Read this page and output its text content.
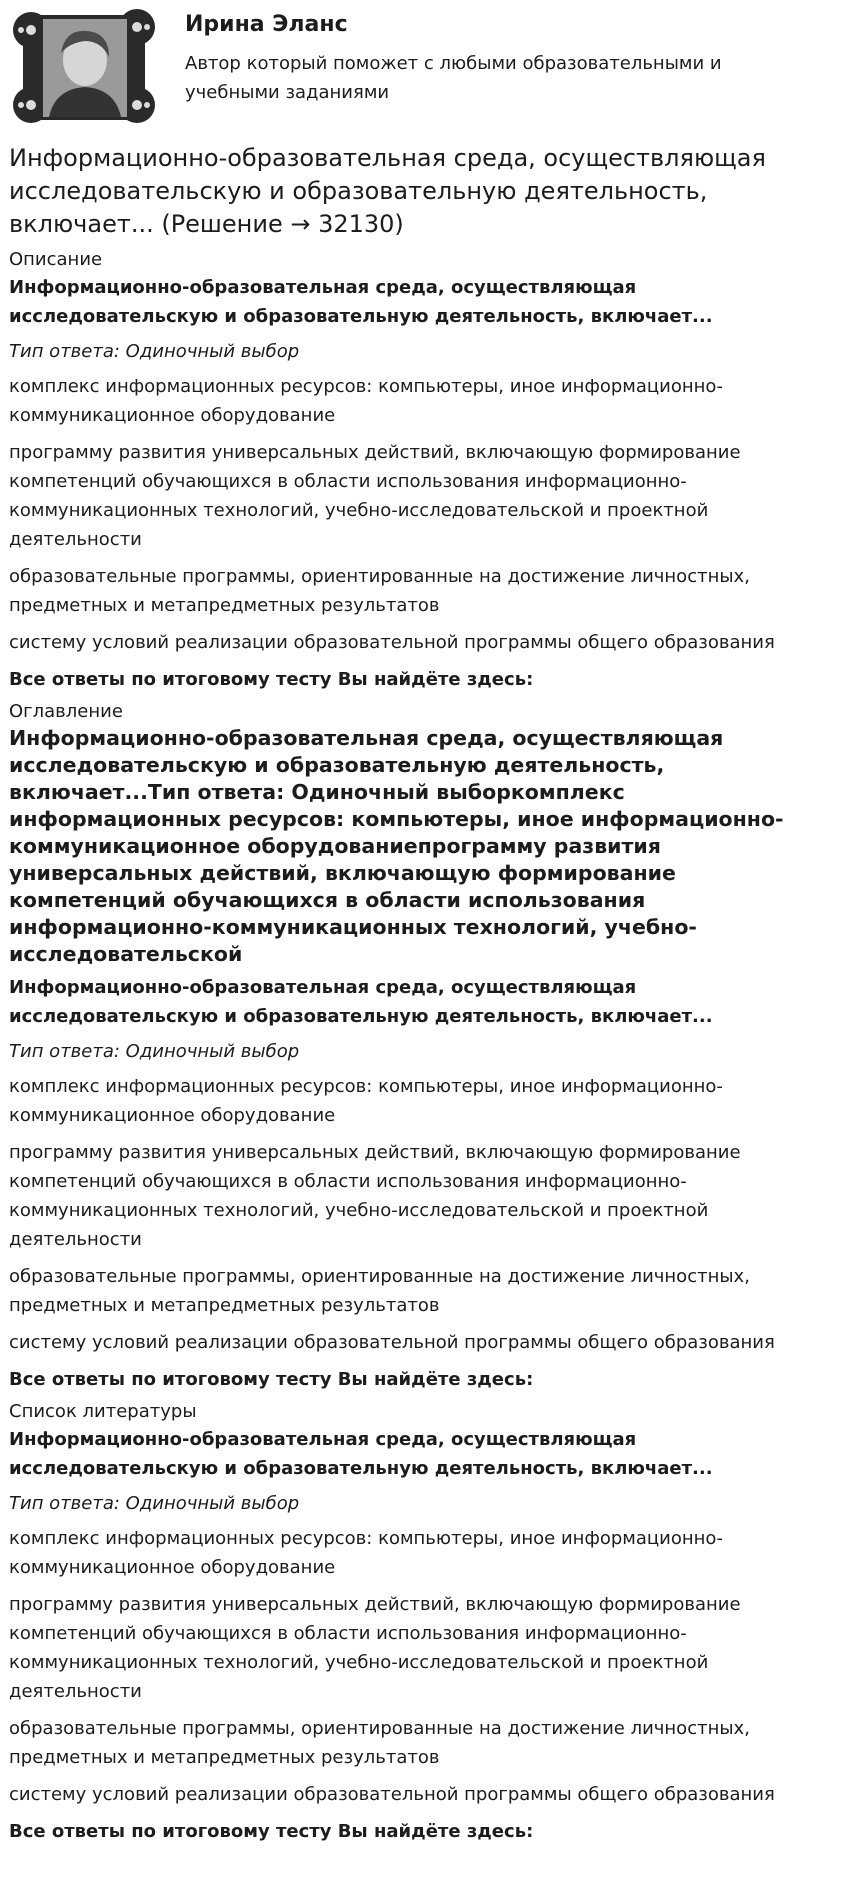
Ирина Эланс
Автор который поможет с любыми образовательными и учебными заданиями
Информационно-образовательная среда, осуществляющая исследовательскую и образовательную деятельность, включает... (Решение → 32130)
Описание

Информационно-образовательная среда, осуществляющая исследовательскую и образовательную деятельность, включает...

Тип ответа: Одиночный выбор

комплекс информационных ресурсов: компьютеры, иное информационно-коммуникационное оборудование

программу развития универсальных действий, включающую формирование компетенций обучающихся в области использования информационно-коммуникационных технологий, учебно-исследовательской и проектной деятельности

образовательные программы, ориентированные на достижение личностных, предметных и метапредметных результатов

систему условий реализации образовательной программы общего образования

Все ответы по итоговому тесту Вы найдёте здесь:

Оглавление
Информационно-образовательная среда, осуществляющая исследовательскую и образовательную деятельность, включает...Тип ответа: Одиночный выборкомплекс информационных ресурсов: компьютеры, иное информационно-коммуникационное оборудованиепрограмму развития универсальных действий, включающую формирование компетенций обучающихся в области использования информационно-коммуникационных технологий, учебно-исследовательской

Информационно-образовательная среда, осуществляющая исследовательскую и образовательную деятельность, включает...

Тип ответа: Одиночный выбор

комплекс информационных ресурсов: компьютеры, иное информационно-коммуникационное оборудование

программу развития универсальных действий, включающую формирование компетенций обучающихся в области использования информационно-коммуникационных технологий, учебно-исследовательской и проектной деятельности

образовательные программы, ориентированные на достижение личностных, предметных и метапредметных результатов

систему условий реализации образовательной программы общего образования

Все ответы по итоговому тесту Вы найдёте здесь:

Список литературы

Информационно-образовательная среда, осуществляющая исследовательскую и образовательную деятельность, включает...

Тип ответа: Одиночный выбор

комплекс информационных ресурсов: компьютеры, иное информационно-коммуникационное оборудование

программу развития универсальных действий, включающую формирование компетенций обучающихся в области использования информационно-коммуникационных технологий, учебно-исследовательской и проектной деятельности

образовательные программы, ориентированные на достижение личностных, предметных и метапредметных результатов

систему условий реализации образовательной программы общего образования

Все ответы по итоговому тесту Вы найдёте здесь:
